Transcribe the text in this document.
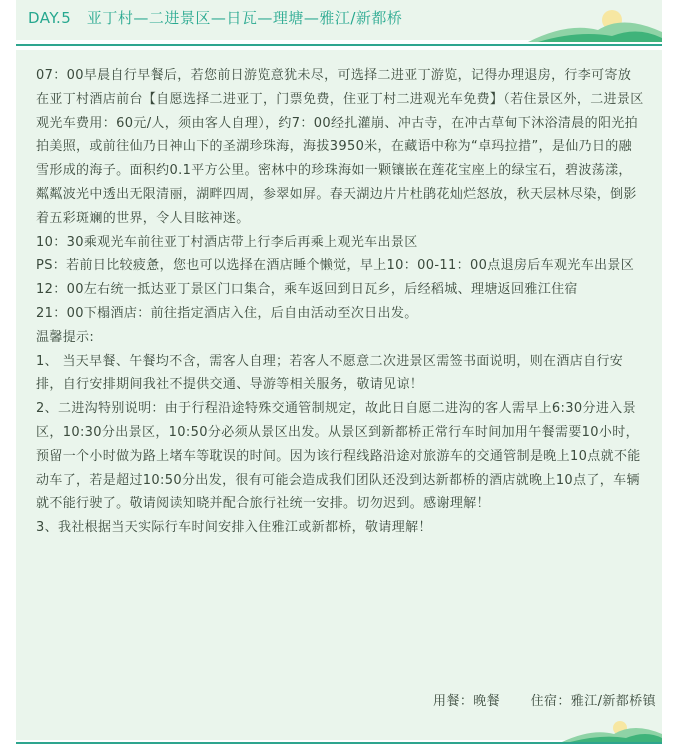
DAY.5　亚丁村—二进景区—日瓦—理塘—雅江/新都桥

07：00早晨自行早餐后，若您前日游览意犹未尽，可选择二进亚丁游览，记得办理退房，行李可寄放在亚丁村酒店前台【自愿选择二进亚丁，门票免费，住亚丁村二进观光车免费】（若住景区外，二进景区观光车费用：60元/人，须由客人自理），约7：00经扎灌崩、冲古寺，在冲古草甸下沐浴清晨的阳光拍拍美照，或前往仙乃日神山下的圣湖珍珠海，海拔3950米，在藏语中称为“卓玛拉措”，是仙乃日的融雪形成的海子。面积约0.1平方公里。密林中的珍珠海如一颗镶嵌在莲花宝座上的绿宝石，碧波荡漾，粼粼波光中透出无限清丽，湖畔四周，参翠如屏。春天湖边片片杜鹃花灿烂怒放，秋天层林尽染，倒影着五彩斑斓的世界，令人目眩神迷。

10：30乘观光车前往亚丁村酒店带上行李后再乘上观光车出景区

PS：若前日比较疲惫，您也可以选择在酒店睡个懒觉，早上10：00-11：00点退房后车观光车出景区

12：00左右统一抵达亚丁景区门口集合，乘车返回到日瓦乡，后经稻城、理塘返回雅江住宿

21：00下榻酒店：前往指定酒店入住，后自由活动至次日出发。

温馨提示:

1、 当天早餐、午餐均不含，需客人自理；若客人不愿意二次进景区需签书面说明，则在酒店自行安排，自行安排期间我社不提供交通、导游等相关服务，敬请见谅！

2、二进沟特别说明：由于行程沿途特殊交通管制规定，故此日自愿二进沟的客人需早上6:30分进入景区，10:30分出景区，10:50分必须从景区出发。从景区到新都桥正常行车时间加用午餐需要10小时，预留一个小时做为路上堵车等耽误的时间。因为该行程线路沿途对旅游车的交通管制是晚上10点就不能动车了，若是超过10:50分出发，很有可能会造成我们团队还没到达新都桥的酒店就晚上10点了，车辆就不能行驶了。敬请阅读知晓并配合旅行社统一安排。切勿迟到。感谢理解！

3、我社根据当天实际行车时间安排入住雅江或新都桥，敬请理解！

用餐：晚餐 住宿：雅江/新都桥镇
